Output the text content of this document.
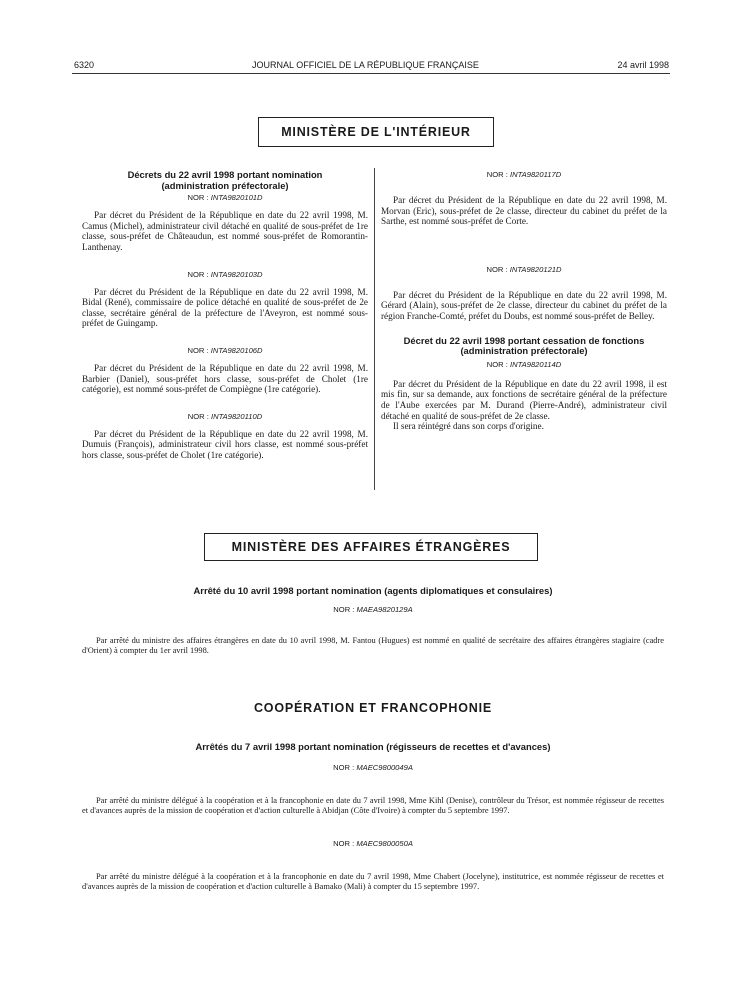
6320	JOURNAL OFFICIEL DE LA RÉPUBLIQUE FRANÇAISE	24 avril 1998
MINISTÈRE DE L'INTÉRIEUR
Décrets du 22 avril 1998 portant nomination
(administration préfectorale)
NOR : INTA9820101D

Par décret du Président de la République en date du 22 avril 1998, M. Camus (Michel), administrateur civil détaché en qualité de sous-préfet de 1re classe, sous-préfet de Châteaudun, est nommé sous-préfet de Romorantin-Lanthenay.

NOR : INTA9820103D

Par décret du Président de la République en date du 22 avril 1998, M. Bidal (René), commissaire de police détaché en qualité de sous-préfet de 2e classe, secrétaire général de la préfecture de l'Aveyron, est nommé sous-préfet de Guingamp.

NOR : INTA9820106D

Par décret du Président de la République en date du 22 avril 1998, M. Barbier (Daniel), sous-préfet hors classe, sous-préfet de Cholet (1re catégorie), est nommé sous-préfet de Compiègne (1re catégorie).

NOR : INTA9820110D

Par décret du Président de la République en date du 22 avril 1998, M. Dumuis (François), administrateur civil hors classe, est nommé sous-préfet hors classe, sous-préfet de Cholet (1re catégorie).

NOR : INTA9820117D

Par décret du Président de la République en date du 22 avril 1998, M. Morvan (Eric), sous-préfet de 2e classe, directeur du cabinet du préfet de la Sarthe, est nommé sous-préfet de Corte.

NOR : INTA9820121D

Par décret du Président de la République en date du 22 avril 1998, M. Gérard (Alain), sous-préfet de 2e classe, directeur du cabinet du préfet de la région Franche-Comté, préfet du Doubs, est nommé sous-préfet de Belley.

Décret du 22 avril 1998 portant cessation de fonctions
(administration préfectorale)
NOR : INTA9820114D

Par décret du Président de la République en date du 22 avril 1998, il est mis fin, sur sa demande, aux fonctions de secrétaire général de la préfecture de l'Aube exercées par M. Durand (Pierre-André), administrateur civil détaché en qualité de sous-préfet de 2e classe.

Il sera réintégré dans son corps d'origine.

MINISTÈRE DES AFFAIRES ÉTRANGÈRES
Arrêté du 10 avril 1998 portant nomination (agents diplomatiques et consulaires)
NOR : MAEA9820129A

Par arrêté du ministre des affaires étrangères en date du 10 avril 1998, M. Fantou (Hugues) est nommé en qualité de secrétaire des affaires étrangères stagiaire (cadre d'Orient) à compter du 1er avril 1998.

COOPÉRATION ET FRANCOPHONIE
Arrêtés du 7 avril 1998 portant nomination (régisseurs de recettes et d'avances)
NOR : MAEC9800049A

Par arrêté du ministre délégué à la coopération et à la francophonie en date du 7 avril 1998, Mme Kihl (Denise), contrôleur du Trésor, est nommée régisseur de recettes et d'avances auprès de la mission de coopération et d'action culturelle à Abidjan (Côte d'Ivoire) à compter du 5 septembre 1997.

NOR : MAEC9800050A

Par arrêté du ministre délégué à la coopération et à la francophonie en date du 7 avril 1998, Mme Chabert (Jocelyne), institutrice, est nommée régisseur de recettes et d'avances auprès de la mission de coopération et d'action culturelle à Bamako (Mali) à compter du 15 septembre 1997.
